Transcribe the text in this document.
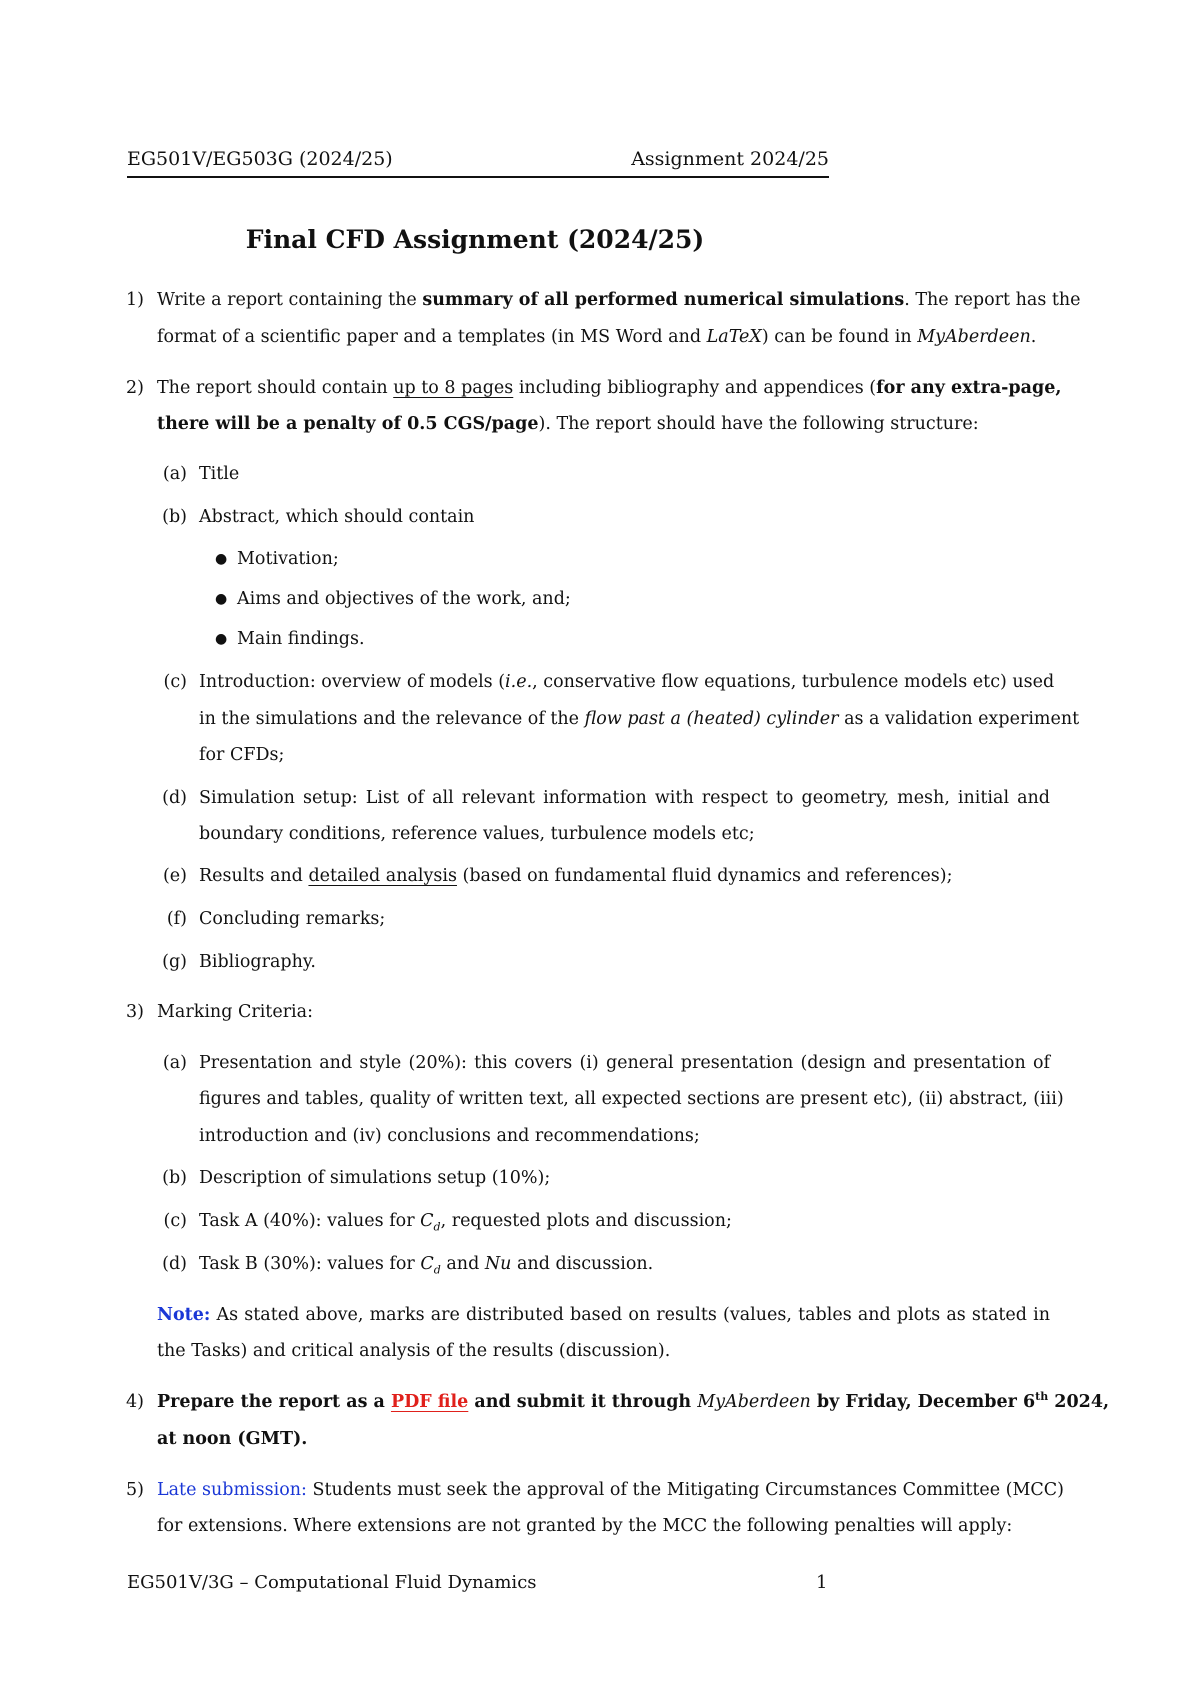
EG501V/EG503G (2024/25)	Assignment 2024/25
Final CFD Assignment (2024/25)
1) Write a report containing the summary of all performed numerical simulations. The report has the
format of a scientific paper and a templates (in MS Word and LaTeX) can be found in MyAberdeen.
2) The report should contain up to 8 pages including bibliography and appendices (for any extra-page,
there will be a penalty of 0.5 CGS/page). The report should have the following structure:
(a) Title
(b) Abstract, which should contain
● Motivation;
● Aims and objectives of the work, and;
● Main findings.
(c) Introduction: overview of models (i.e., conservative flow equations, turbulence models etc) used
in the simulations and the relevance of the flow past a (heated) cylinder as a validation experiment
for CFDs;
(d) Simulation setup: List of all relevant information with respect to geometry, mesh, initial and
boundary conditions, reference values, turbulence models etc;
(e) Results and detailed analysis (based on fundamental fluid dynamics and references);
(f) Concluding remarks;
(g) Bibliography.
3) Marking Criteria:
(a) Presentation and style (20%): this covers (i) general presentation (design and presentation of
figures and tables, quality of written text, all expected sections are present etc), (ii) abstract, (iii)
introduction and (iv) conclusions and recommendations;
(b) Description of simulations setup (10%);
(c) Task A (40%): values for $C_d$, requested plots and discussion;
(d) Task B (30%): values for $C_d$ and Nu and discussion.
Note: As stated above, marks are distributed based on results (values, tables and plots as stated in
the Tasks) and critical analysis of the results (discussion).
4) Prepare the report as a PDF file and submit it through MyAberdeen by Friday, December 6th 2024,
at noon (GMT).
5) Late submission: Students must seek the approval of the Mitigating Circumstances Committee (MCC)
for extensions. Where extensions are not granted by the MCC the following penalties will apply:
EG501V/3G – Computational Fluid Dynamics	1
